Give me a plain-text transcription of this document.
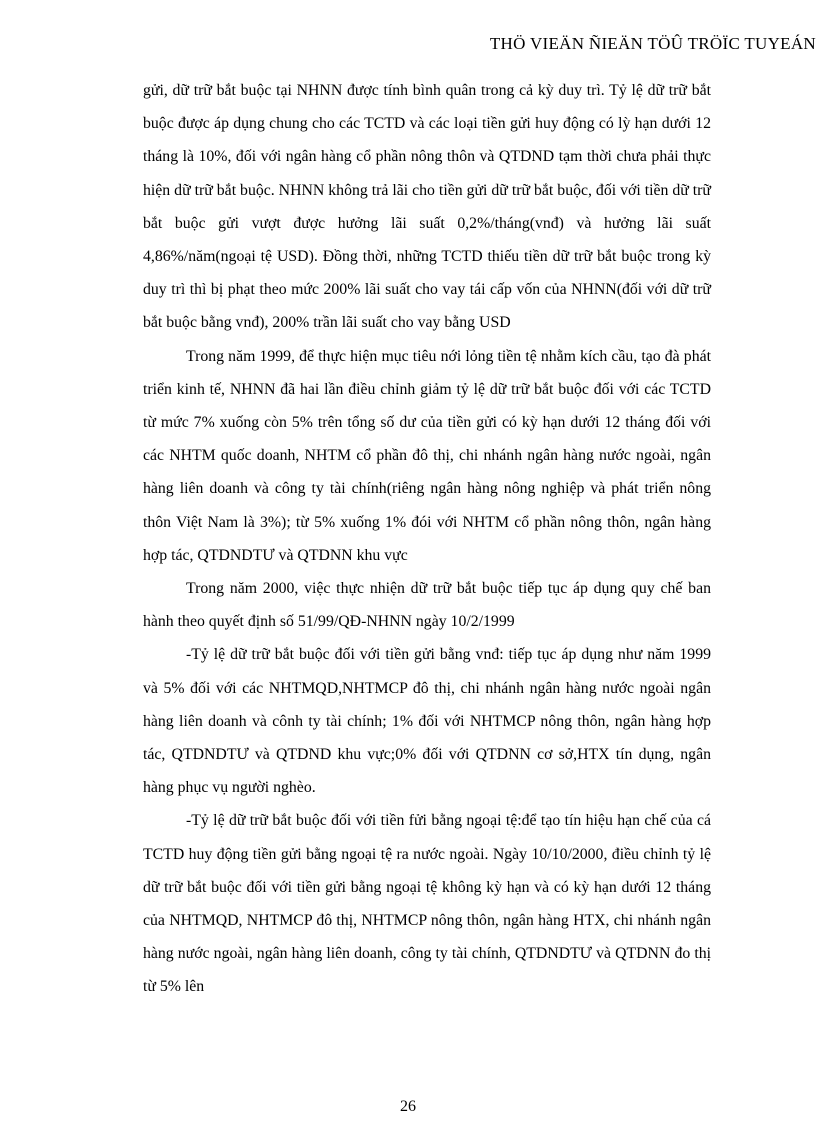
THÖ VIEÄN ÑIEÄN TÖÛ TRÖÏC TUYEÁN

gửi, dữ trữ bắt buộc tại NHNN được tính bình quân trong cả kỳ duy trì. Tỷ lệ dữ trữ bắt buộc được áp dụng chung cho các TCTD và các loại tiền gửi huy động có lỳ hạn dưới 12 tháng là 10%, đối với ngân hàng cổ phần nông thôn và QTDND tạm thời chưa phải thực hiện dữ trữ bắt buộc. NHNN không trả lãi cho tiền gửi dữ trữ bắt buộc, đối với tiền dữ trữ bắt buộc gửi vượt được hưởng lãi suất 0,2%/tháng(vnđ) và hưởng lãi suất 4,86%/năm(ngoại tệ USD). Đồng thời, những TCTD thiếu tiền dữ trữ bắt buộc trong kỳ duy trì thì bị phạt theo mức 200% lãi suất cho vay tái cấp vốn của NHNN(đối với dữ trữ bắt buộc bằng vnđ), 200% trần lãi suất cho vay bằng USD

Trong năm 1999, để thực hiện mục tiêu nới lỏng tiền tệ nhằm kích cầu, tạo đà phát triển kinh tế, NHNN đã hai lần điều chỉnh giảm tỷ lệ dữ trữ bắt buộc đối với các TCTD từ mức 7% xuống còn 5% trên tổng số dư của tiền gửi có kỳ hạn dưới 12 tháng đối với các NHTM quốc doanh, NHTM cổ phần đô thị, chi nhánh ngân hàng nước ngoài, ngân hàng liên doanh và công ty tài chính(riêng ngân hàng nông nghiệp và phát triển nông thôn Việt Nam là 3%); từ 5% xuống 1% đói với NHTM cổ phần nông thôn, ngân hàng hợp tác, QTDNDTƯ và QTDNN khu vực

Trong năm 2000, việc thực nhiện dữ trữ bắt buộc tiếp tục áp dụng quy chế ban hành theo quyết định số 51/99/QĐ-NHNN ngày 10/2/1999

-Tỷ lệ dữ trữ bắt buộc đối với tiền gửi bằng vnđ: tiếp tục áp dụng như năm 1999 và 5% đối với các NHTMQD,NHTMCP đô thị, chi nhánh ngân hàng nước ngoài ngân hàng liên doanh và cônh ty tài chính; 1% đối với NHTMCP nông thôn, ngân hàng hợp tác, QTDNDTƯ và QTDND khu vực;0% đối với QTDNN cơ sở,HTX tín dụng, ngân hàng phục vụ người nghèo.

-Tỷ lệ dữ trữ bắt buộc đối với tiền fửi bằng ngoại tệ:để tạo tín hiệu hạn chế của cá TCTD huy động tiền gửi bằng ngoại tệ ra nước ngoài. Ngày 10/10/2000, điều chỉnh tỷ lệ dữ trữ bắt buộc đối với tiền gửi bằng ngoại tệ không kỳ hạn và có kỳ hạn dưới 12 tháng của NHTMQD, NHTMCP đô thị, NHTMCP nông thôn, ngân hàng HTX, chi nhánh ngân hàng nước ngoài, ngân hàng liên doanh, công ty tài chính, QTDNDTƯ và QTDNN đo thị từ 5% lên

26
